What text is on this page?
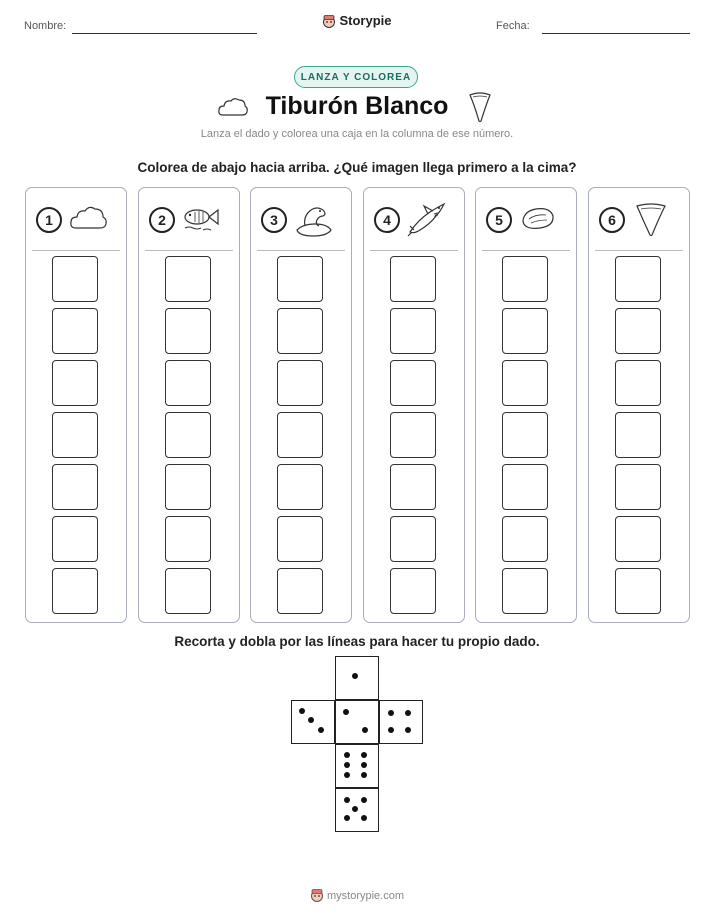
Nombre:	Storypie	Fecha:
LANZA Y COLOREA
Tiburón Blanco
Lanza el dado y colorea una caja en la columna de ese número.
Colorea de abajo hacia arriba. ¿Qué imagen llega primero a la cima?
1	2	3	4	5	6
Recorta y dobla por las líneas para hacer tu propio dado.
mystorypie.com
